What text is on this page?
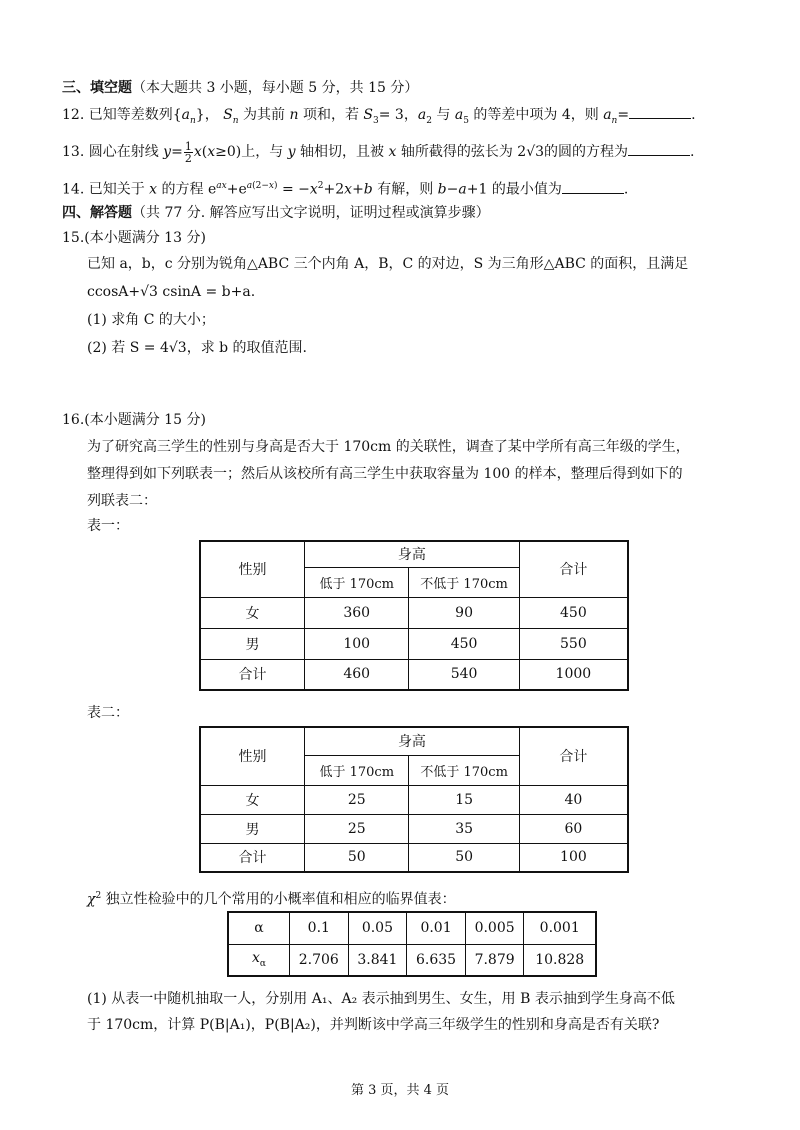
三、填空题（本大题共 3 小题，每小题 5 分，共 15 分）
12. 已知等差数列$\{a_n\}$， $S_n$ 为其前 n 项和，若 $S_3= 3$，$a_2$ 与 $a_5$ 的等差中项为 4，则 $a_n=$	.
13. 圆心在射线 $y= \frac{1}{2} x(x\ge 0)$上，与 y 轴相切，且被 x 轴所截得的弦长为 2√3的圆的方程为	.
14. 已知关于 x 的方程 $e^{ax}+e^{a(2-x)} = -x^2+2x+b$ 有解，则 b−a+1 的最小值为	.
四、解答题（共 77 分. 解答应写出文字说明，证明过程或演算步骤）
15.(本小题满分 13 分)
已知 a，b，c 分别为锐角△ABC 三个内角 A，B，C 的对边，S 为三角形△ABC 的面积，且满足
ccosA+√3 csinA = b+a.
(1) 求角 C 的大小；
(2) 若 S = 4√3，求 b 的取值范围.
16.(本小题满分 15 分)
为了研究高三学生的性别与身高是否大于 170cm 的关联性，调查了某中学所有高三年级的学生，
整理得到如下列联表一；然后从该校所有高三学生中获取容量为 100 的样本，整理后得到如下的
列联表二：
表一：
性别	身高		合计
	低于 170cm	不低于 170cm	
女	360	90	450
男	100	450	550
合计	460	540	1000
表二：
性别	身高		合计
	低于 170cm	不低于 170cm	
女	25	15	40
男	25	35	60
合计	50	50	100
$\chi^2$ 独立性检验中的几个常用的小概率值和相应的临界值表：
α	0.1	0.05	0.01	0.005	0.001
$x_\alpha$	2.706	3.841	6.635	7.879	10.828
(1) 从表一中随机抽取一人，分别用 A₁、A₂ 表示抽到男生、女生，用 B 表示抽到学生身高不低
于 170cm，计算 P(B|A₁)，P(B|A₂)，并判断该中学高三年级学生的性别和身高是否有关联?
第 3 页，共 4 页
